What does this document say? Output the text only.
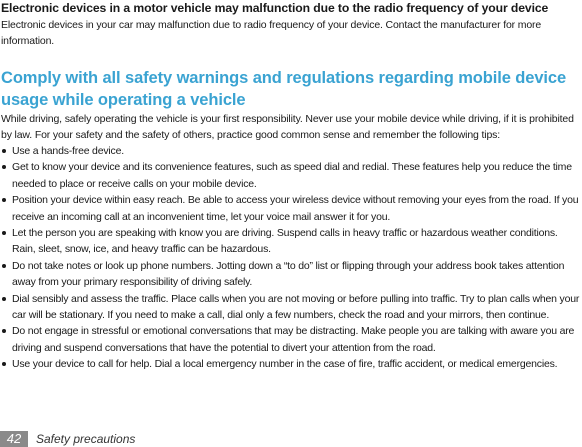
Electronic devices in a motor vehicle may malfunction due to the radio frequency of your device
Electronic devices in your car may malfunction due to radio frequency of your device. Contact the manufacturer for more information.
Comply with all safety warnings and regulations regarding mobile device usage while operating a vehicle
While driving, safely operating the vehicle is your first responsibility. Never use your mobile device while driving, if it is prohibited by law. For your safety and the safety of others, practice good common sense and remember the following tips:
Use a hands-free device.
Get to know your device and its convenience features, such as speed dial and redial. These features help you reduce the time needed to place or receive calls on your mobile device.
Position your device within easy reach. Be able to access your wireless device without removing your eyes from the road. If you receive an incoming call at an inconvenient time, let your voice mail answer it for you.
Let the person you are speaking with know you are driving. Suspend calls in heavy traffic or hazardous weather conditions. Rain, sleet, snow, ice, and heavy traffic can be hazardous.
Do not take notes or look up phone numbers. Jotting down a “to do” list or flipping through your address book takes attention away from your primary responsibility of driving safely.
Dial sensibly and assess the traffic. Place calls when you are not moving or before pulling into traffic. Try to plan calls when your car will be stationary. If you need to make a call, dial only a few numbers, check the road and your mirrors, then continue.
Do not engage in stressful or emotional conversations that may be distracting. Make people you are talking with aware you are driving and suspend conversations that have the potential to divert your attention from the road.
Use your device to call for help. Dial a local emergency number in the case of fire, traffic accident, or medical emergencies.
42	Safety precautions
